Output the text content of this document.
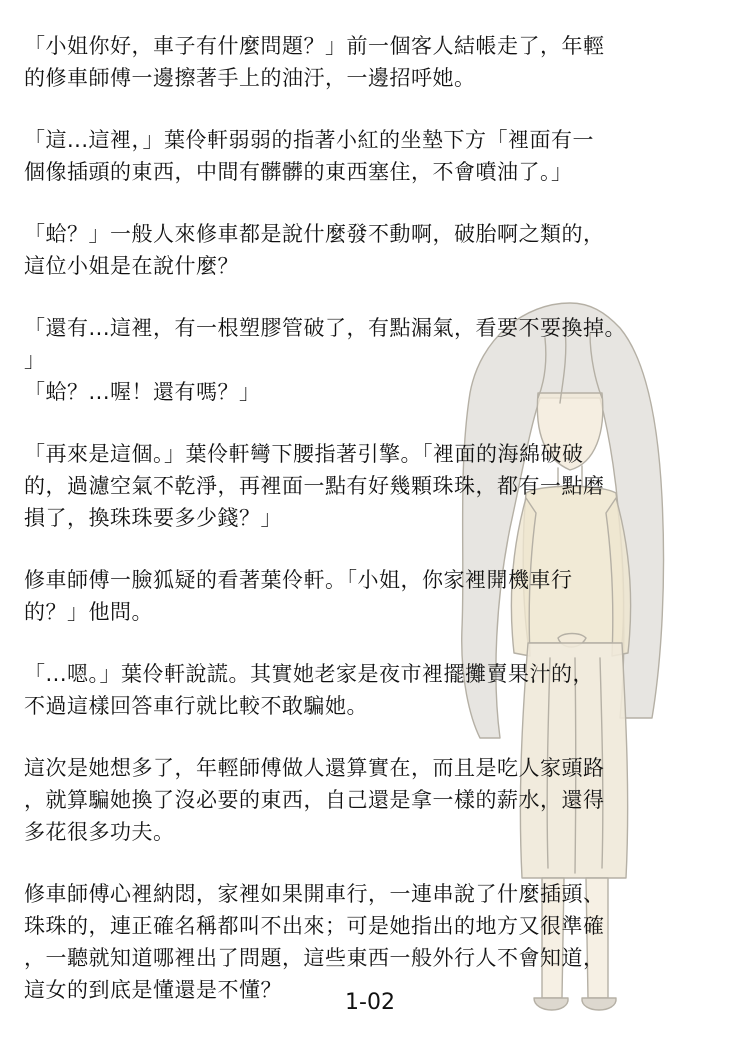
「小姐你好，車子有什麼問題？」前一個客人結帳走了，年輕
的修車師傅一邊擦著手上的油汙，一邊招呼她。
「這...這裡，」葉伶軒弱弱的指著小紅的坐墊下方「裡面有一
個像插頭的東西，中間有髒髒的東西塞住，不會噴油了。」
「蛤？」一般人來修車都是說什麼發不動啊，破胎啊之類的，
這位小姐是在說什麼？
「還有...這裡，有一根塑膠管破了，有點漏氣，看要不要換掉。
」
「蛤？...喔！還有嗎？」
「再來是這個。」葉伶軒彎下腰指著引擎。「裡面的海綿破破
的，過濾空氣不乾淨，再裡面一點有好幾顆珠珠，都有一點磨
損了，換珠珠要多少錢？」
修車師傅一臉狐疑的看著葉伶軒。「小姐，你家裡開機車行
的？」他問。
「...嗯。」葉伶軒說謊。其實她老家是夜市裡擺攤賣果汁的，
不過這樣回答車行就比較不敢騙她。
這次是她想多了，年輕師傅做人還算實在，而且是吃人家頭路
，就算騙她換了沒必要的東西，自己還是拿一樣的薪水，還得
多花很多功夫。
修車師傅心裡納悶，家裡如果開車行，一連串說了什麼插頭、
珠珠的，連正確名稱都叫不出來；可是她指出的地方又很準確
，一聽就知道哪裡出了問題，這些東西一般外行人不會知道，
這女的到底是懂還是不懂？	1-02
